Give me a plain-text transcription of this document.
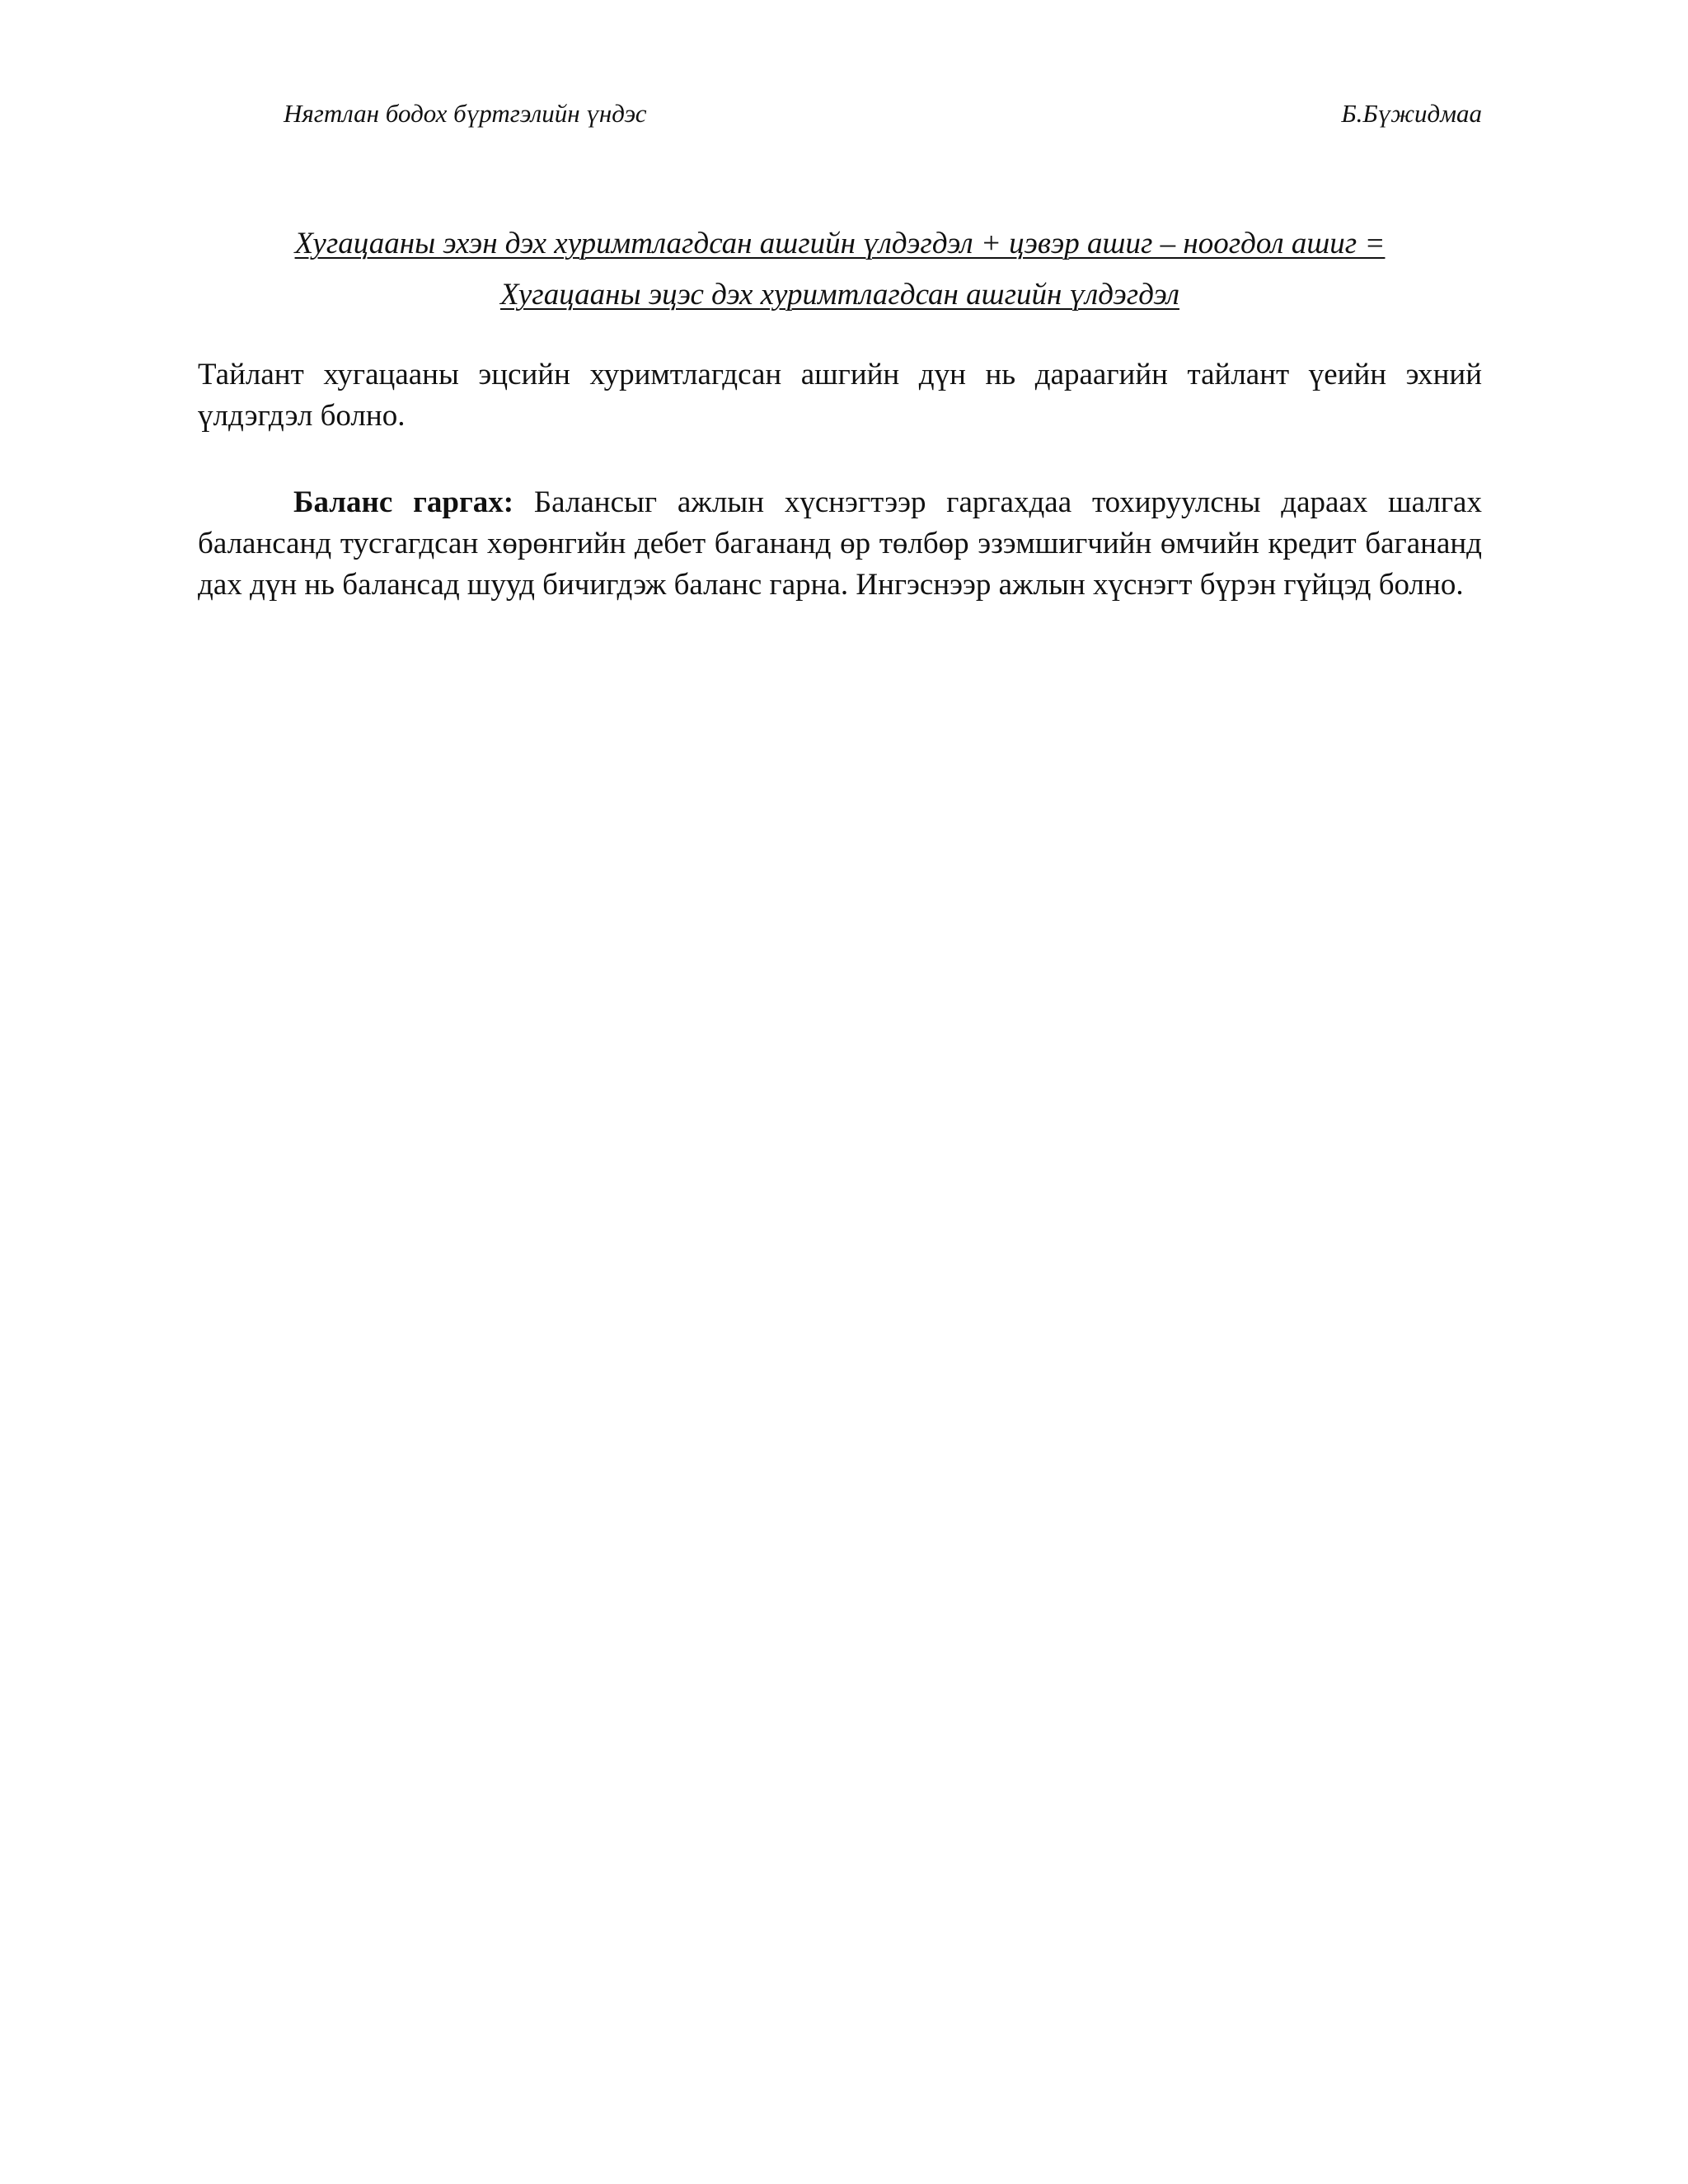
Нягтлан бодох бүртгэлийн үндэс	Б.Бүжидмаа
Хугацааны эхэн дэх хуримтлагдсан ашгийн үлдэгдэл + цэвэр ашиг – ноогдол ашиг =
Хугацааны эцэс дэх хуримтлагдсан ашгийн үлдэгдэл

Тайлант хугацааны эцсийн хуримтлагдсан ашгийн дүн нь дараагийн тайлант үеийн эхний үлдэгдэл болно.

Баланс гаргах: Балансыг ажлын хүснэгтээр гаргахдаа тохируулсны дараах шалгах балансанд тусгагдсан хөрөнгийн дебет баганaнд өр төлбөр эзэмшигчийн өмчийн кредит багананд дах дүн нь балансад шууд бичигдэж баланс гарна. Ингэснээр ажлын хүснэгт бүрэн гүйцэд болно.
